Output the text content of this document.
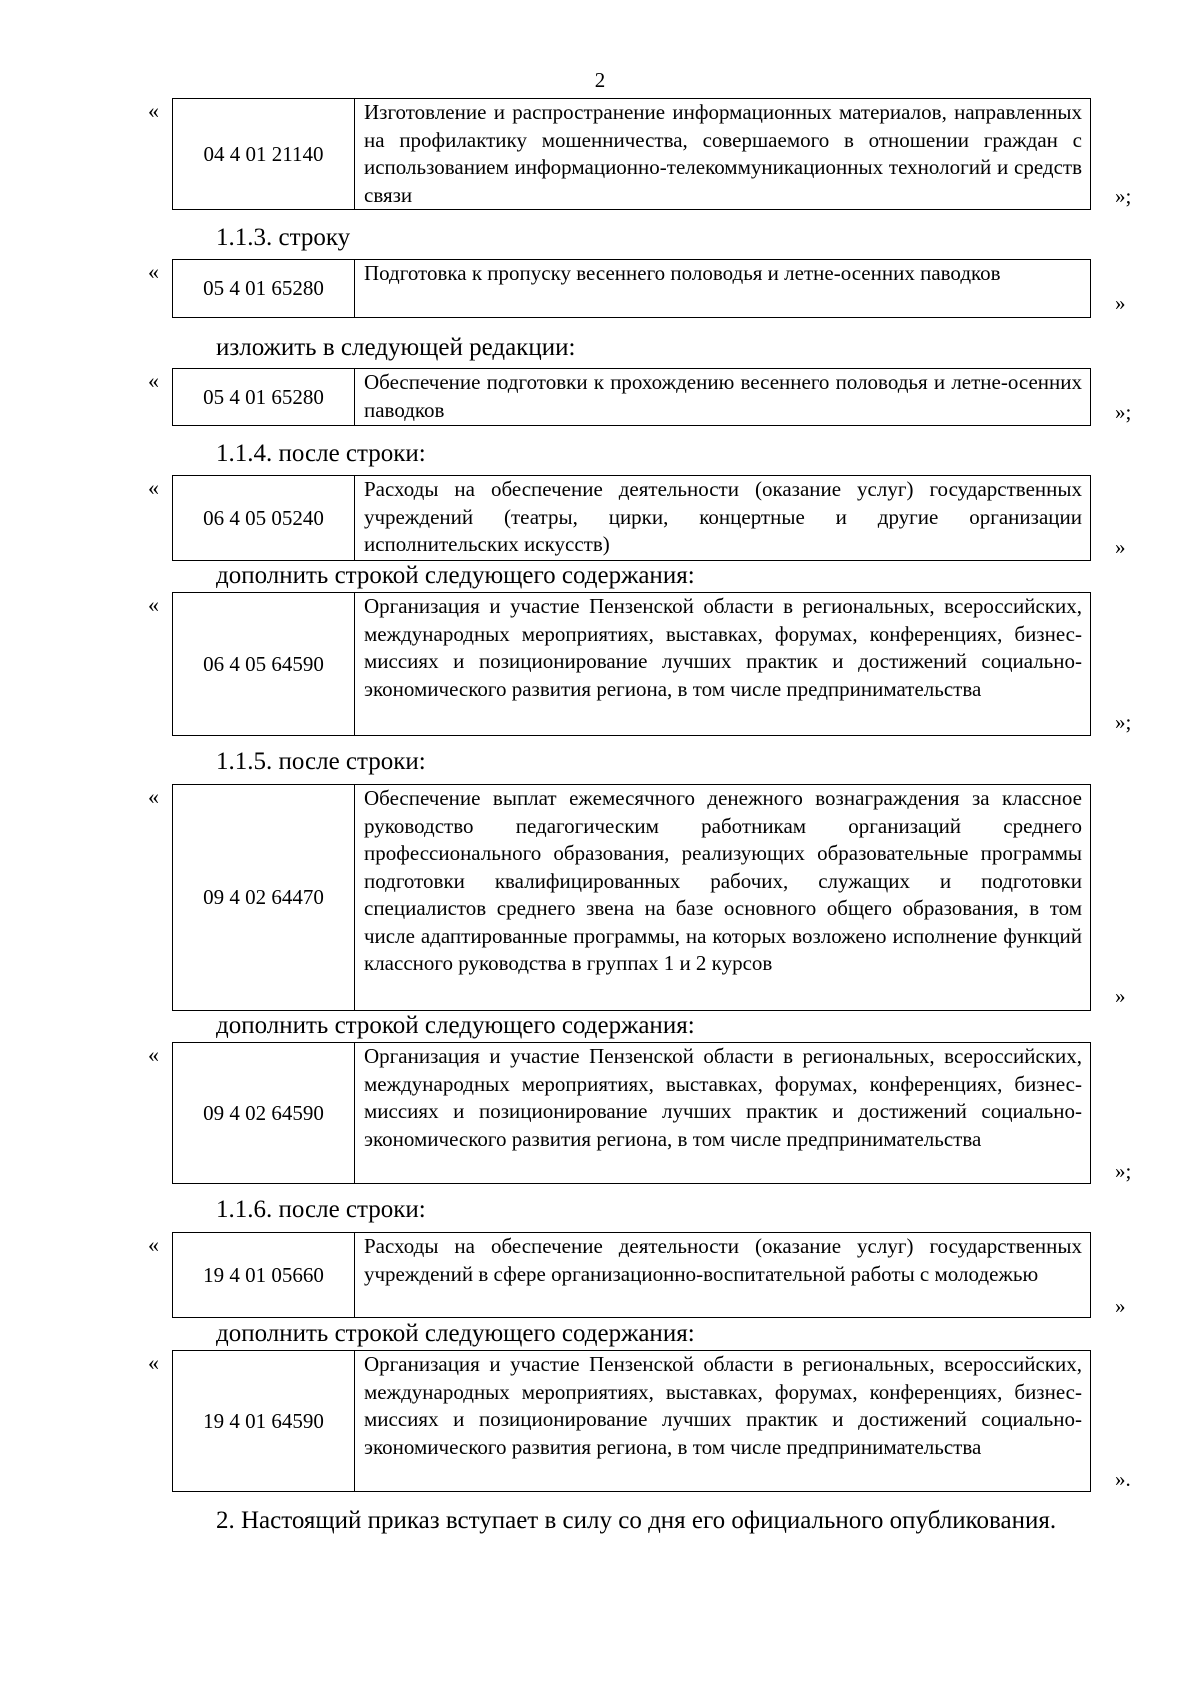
2
«
04 4 01 21140
Изготовление и распространение информационных материалов, направленных на профилактику мошенничества, совершаемого в отношении граждан с использованием информационно-телекоммуникационных технологий и средств связи	»;
1.1.3. строку
«
05 4 01 65280
Подготовка к пропуску весеннего половодья и летне-осенних паводков
»
изложить в следующей редакции:
«
05 4 01 65280
Обеспечение подготовки к прохождению весеннего половодья и летне-осенних паводков	»;
1.1.4. после строки:
«
06 4 05 05240
Расходы на обеспечение деятельности (оказание услуг) государственных учреждений (театры, цирки, концертные и другие организации исполнительских искусств)	»
дополнить строкой следующего содержания:
«
06 4 05 64590
Организация и участие Пензенской области в региональных, всероссийских, международных мероприятиях, выставках, форумах, конференциях, бизнес-миссиях и позиционирование лучших практик и достижений социально-экономического развития региона, в том числе предпринимательства
»;
1.1.5. после строки:
«
09 4 02 64470
Обеспечение выплат ежемесячного денежного вознаграждения за классное руководство педагогическим работникам организаций среднего профессионального образования, реализующих образовательные программы подготовки квалифицированных рабочих, служащих и подготовки специалистов среднего звена на базе основного общего образования, в том числе адаптированные программы, на которых возложено исполнение функций классного руководства в группах 1 и 2 курсов
»
дополнить строкой следующего содержания:
«
09 4 02 64590
Организация и участие Пензенской области в региональных, всероссийских, международных мероприятиях, выставках, форумах, конференциях, бизнес-миссиях и позиционирование лучших практик и достижений социально-экономического развития региона, в том числе предпринимательства
»;
1.1.6. после строки:
«
19 4 01 05660
Расходы на обеспечение деятельности (оказание услуг) государственных учреждений в сфере организационно-воспитательной работы с молодежью
»
дополнить строкой следующего содержания:
«
19 4 01 64590
Организация и участие Пензенской области в региональных, всероссийских, международных мероприятиях, выставках, форумах, конференциях, бизнес-миссиях и позиционирование лучших практик и достижений социально-экономического развития региона, в том числе предпринимательства
».
2. Настоящий приказ вступает в силу со дня его официального опубликования.
